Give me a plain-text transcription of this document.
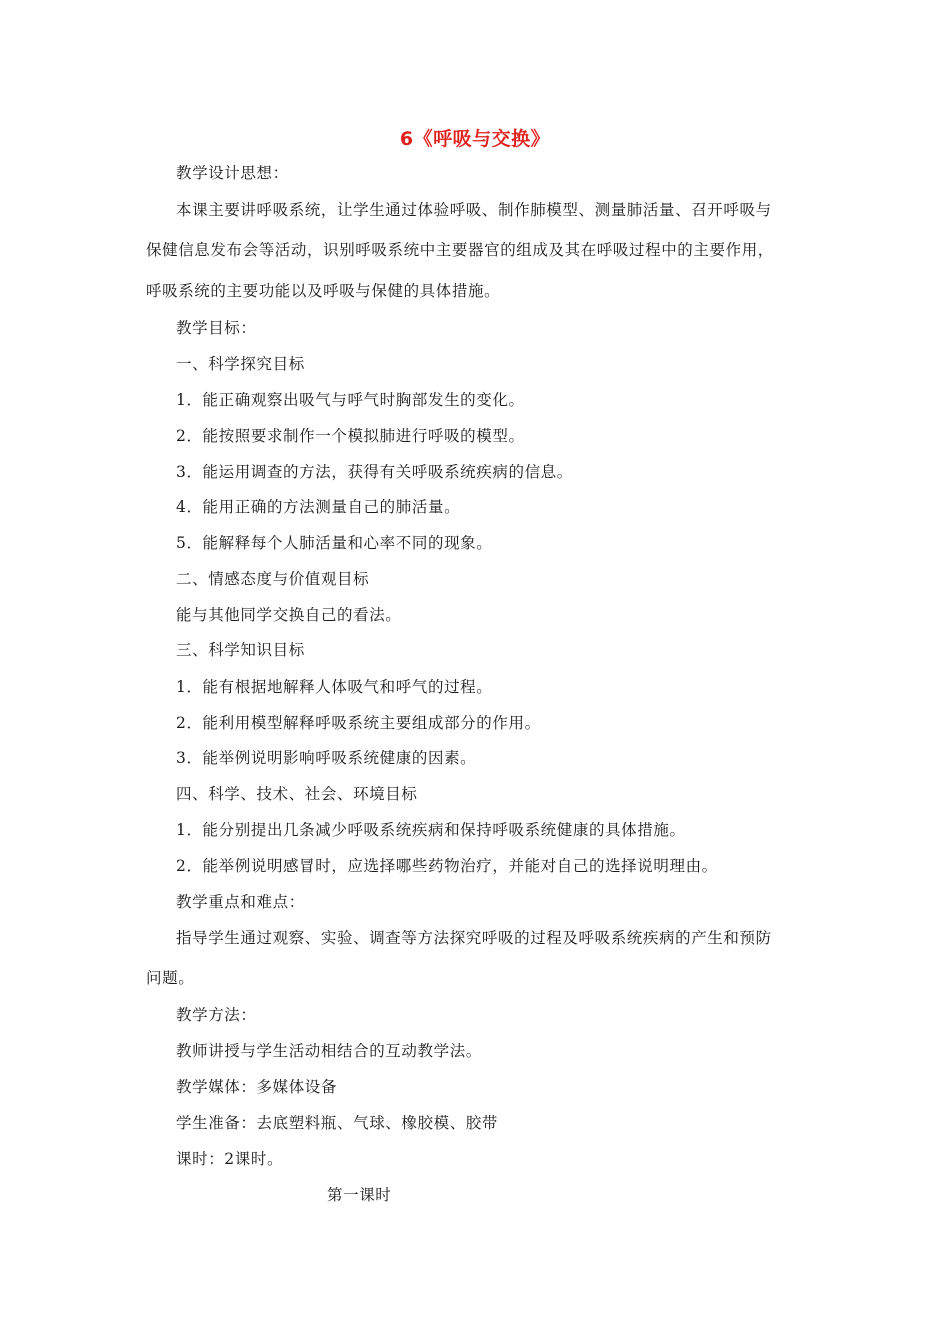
6《呼吸与交换》
教学设计思想：
本课主要讲呼吸系统，让学生通过体验呼吸、制作肺模型、测量肺活量、召开呼吸与
保健信息发布会等活动，识别呼吸系统中主要器官的组成及其在呼吸过程中的主要作用，
呼吸系统的主要功能以及呼吸与保健的具体措施。
教学目标：
一、科学探究目标
1．能正确观察出吸气与呼气时胸部发生的变化。
2．能按照要求制作一个模拟肺进行呼吸的模型。
3．能运用调查的方法，获得有关呼吸系统疾病的信息。
4．能用正确的方法测量自己的肺活量。
5．能解释每个人肺活量和心率不同的现象。
二、情感态度与价值观目标
能与其他同学交换自己的看法。
三、科学知识目标
1．能有根据地解释人体吸气和呼气的过程。
2．能利用模型解释呼吸系统主要组成部分的作用。
3．能举例说明影响呼吸系统健康的因素。
四、科学、技术、社会、环境目标
1．能分别提出几条减少呼吸系统疾病和保持呼吸系统健康的具体措施。
2．能举例说明感冒时，应选择哪些药物治疗，并能对自己的选择说明理由。
教学重点和难点：
指导学生通过观察、实验、调查等方法探究呼吸的过程及呼吸系统疾病的产生和预防
问题。
教学方法：
教师讲授与学生活动相结合的互动教学法。
教学媒体：多媒体设备
学生准备：去底塑料瓶、气球、橡胶模、胶带
课时：2课时。
第一课时
